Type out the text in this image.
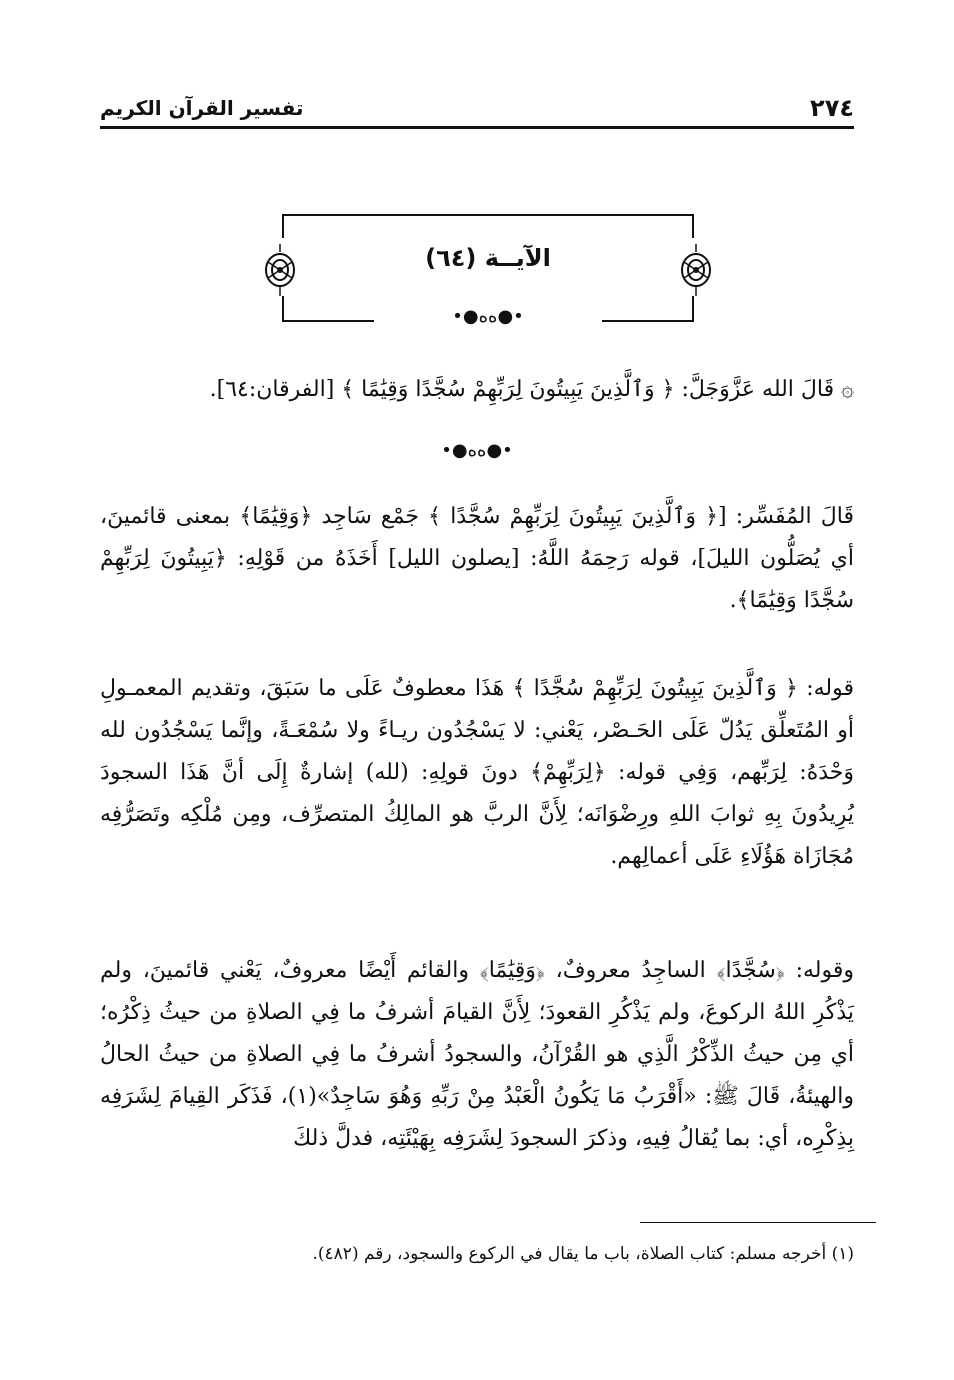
٢٧٤
تفسير القرآن الكريم
الآيــة (٦٤)
•●ﻩﻩ●•
۞ قَالَ الله عَزَّوَجَلَّ: ﴿ وَٱلَّذِينَ يَبِيتُونَ لِرَبِّهِمْ سُجَّدًا وَقِيَٰمًا ﴾ [الفرقان:٦٤].
•●ﻩﻩ●•
قَالَ المُفَسِّر: [﴿ وَٱلَّذِينَ يَبِيتُونَ لِرَبِّهِمْ سُجَّدًا ﴾ جَمْع سَاجِد ﴿وَقِيَٰمًا﴾ بمعنى قائمينَ، أي يُصَلُّون الليلَ]، قوله رَحِمَهُ اللَّهُ: [يصلون الليل] أَخَذَهُ من قَوْلِهِ: ﴿يَبِيتُونَ لِرَبِّهِمْ سُجَّدًا وَقِيَٰمًا﴾.
قوله: ﴿ وَٱلَّذِينَ يَبِيتُونَ لِرَبِّهِمْ سُجَّدًا ﴾ هَذَا معطوفٌ عَلَى ما سَبَقَ، وتقديم المعمـولِ أو المُتَعلِّق يَدُلّ عَلَى الحَـصْر، يَعْني: لا يَسْجُدُون ريـاءً ولا سُمْعَـةً، وإنَّما يَسْجُدُون لله وَحْدَهُ: لِرَبِّهم، وَفِي قوله: ﴿لِرَبِّهِمْ﴾ دونَ قولِهِ: (لله) إشارةٌ إِلَى أنَّ هَذَا السجودَ يُرِيدُونَ بِهِ ثوابَ اللهِ ورِضْوَانَه؛ لِأَنَّ الربَّ هو المالِكُ المتصرِّف، ومِن مُلْكِه وتَصَرُّفِه مُجَازَاة هَؤُلَاءِ عَلَى أعمالِهم.
وقوله: ﴿سُجَّدًا﴾ الساجِدُ معروفٌ، ﴿وَقِيَٰمًا﴾ والقائم أَيْضًا معروفٌ، يَعْني قائمينَ، ولم يَذْكُرِ اللهُ الركوعَ، ولم يَذْكُرِ القعودَ؛ لِأَنَّ القيامَ أشرفُ ما فِي الصلاةِ من حيثُ ذِكْرُه؛ أي مِن حيثُ الذِّكْرُ الَّذِي هو القُرْآنُ، والسجودُ أشرفُ ما فِي الصلاةِ من حيثُ الحالُ والهيئةُ، قَالَ ﷺ: «أَقْرَبُ مَا يَكُونُ الْعَبْدُ مِنْ رَبِّهِ وَهُوَ سَاجِدٌ»(١)، فَذَكَر القِيامَ لِشَرَفِه بِذِكْرِه، أي: بما يُقالُ فِيهِ، وذكرَ السجودَ لِشَرَفِه بِهَيْئَتِه، فدلَّ ذلكَ
(١) أخرجه مسلم: كتاب الصلاة، باب ما يقال في الركوع والسجود، رقم (٤٨٢).
